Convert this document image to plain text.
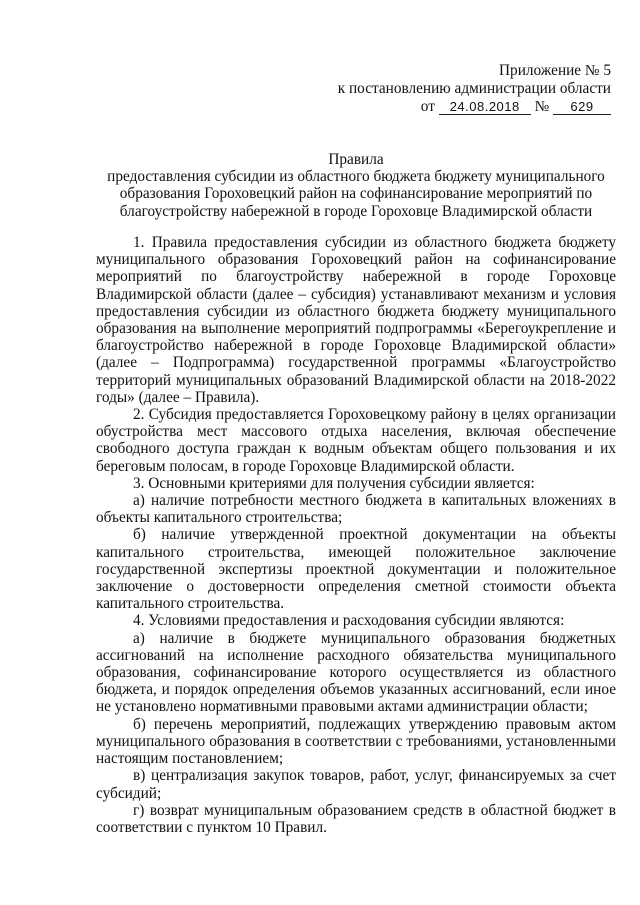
Приложение № 5
к постановлению администрации области
от 24.08.2018 № 629
Правила
предоставления субсидии из областного бюджета бюджету муниципального образования Гороховецкий район на софинансирование мероприятий по благоустройству набережной в городе Гороховце Владимирской области

1. Правила предоставления субсидии из областного бюджета бюджету муниципального образования Гороховецкий район на софинансирование мероприятий по благоустройству набережной в городе Гороховце Владимирской области (далее – субсидия) устанавливают механизм и условия предоставления субсидии из областного бюджета бюджету муниципального образования на выполнение мероприятий подпрограммы «Берегоукрепление и благоустройство набережной в городе Гороховце Владимирской области» (далее – Подпрограмма) государственной программы «Благоустройство территорий муниципальных образований Владимирской области на 2018-2022 годы» (далее – Правила).

2. Субсидия предоставляется Гороховецкому району в целях организации обустройства мест массового отдыха населения, включая обеспечение свободного доступа граждан к водным объектам общего пользования и их береговым полосам, в городе Гороховце Владимирской области.

3. Основными критериями для получения субсидии является:

а) наличие потребности местного бюджета в капитальных вложениях в объекты капитального строительства;

б) наличие утвержденной проектной документации на объекты капитального строительства, имеющей положительное заключение государственной экспертизы проектной документации и положительное заключение о достоверности определения сметной стоимости объекта капитального строительства.

4. Условиями предоставления и расходования субсидии являются:

а) наличие в бюджете муниципального образования бюджетных ассигнований на исполнение расходного обязательства муниципального образования, софинансирование которого осуществляется из областного бюджета, и порядок определения объемов указанных ассигнований, если иное не установлено нормативными правовыми актами администрации области;

б) перечень мероприятий, подлежащих утверждению правовым актом муниципального образования в соответствии с требованиями, установленными настоящим постановлением;

в) централизация закупок товаров, работ, услуг, финансируемых за счет субсидий;

г) возврат муниципальным образованием средств в областной бюджет в соответствии с пунктом 10 Правил.
